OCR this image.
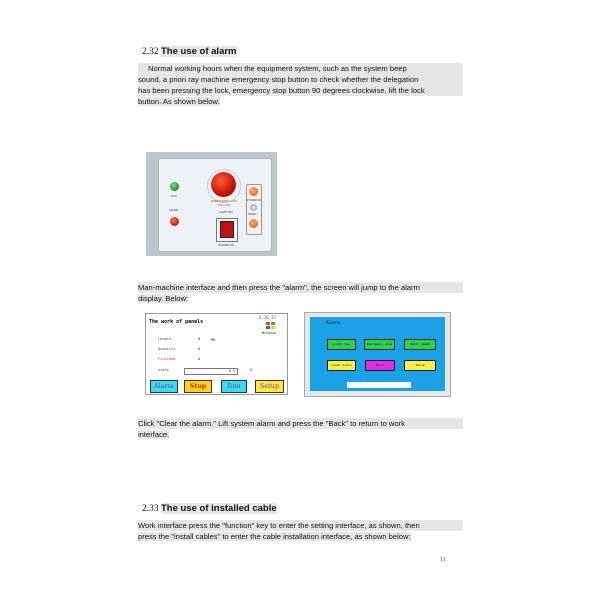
2.32 The use of alarm
Normal working hours when the equipment system, such as the system beep
sound, a priori ray machine emergency stop button to check whether the delegation
has been pressing the lock, emergency stop button 90 degrees clockwise, lift the lock
button. As shown below:
RUN
ALARM
EMERGENCY OFF
ON / OFF
LAMP OFF
POWER ON
POWER ON
RESET
Man-machine interface and then press the "alarm", the screen will jump to the alarm
display. Below:
The work of panels
6:18:35
Windows
Length	0	MM
Quantity	0
Finished	0
scale	0 %	0
Alarm	Stop	Run	Setup
Alarm
Limit low	Emergency stop	Motor speed
Clear Alarm	Back	Setup
Click "Clear the alarm." Lift system alarm and press the "Back" to return to work
interface.
2.33 The use of installed cable
Work interface press the "function" key to enter the setting interface, as shown, then
press the "install cables" to enter the cable installation interface, as shown below:
11
